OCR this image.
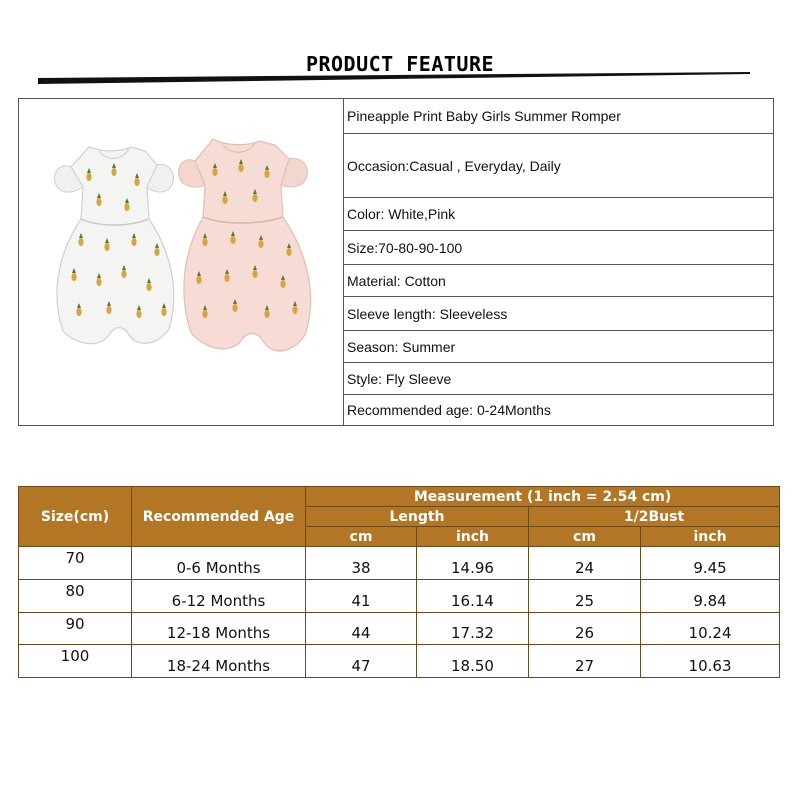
PRODUCT FEATURE
Pineapple Print Baby Girls Summer Romper
Occasion:Casual , Everyday, Daily
Color: White,Pink
Size:70-80-90-100
Material: Cotton
Sleeve length: Sleeveless
Season: Summer
Style: Fly Sleeve
Recommended age: 0-24Months
Size(cm)	Recommended Age	Measurement (1 inch = 2.54 cm)			
		Length		1/2Bust	
		cm	inch	cm	inch
70	0-6 Months	38	14.96	24	9.45
80	6-12 Months	41	16.14	25	9.84
90	12-18 Months	44	17.32	26	10.24
100	18-24 Months	47	18.50	27	10.63
